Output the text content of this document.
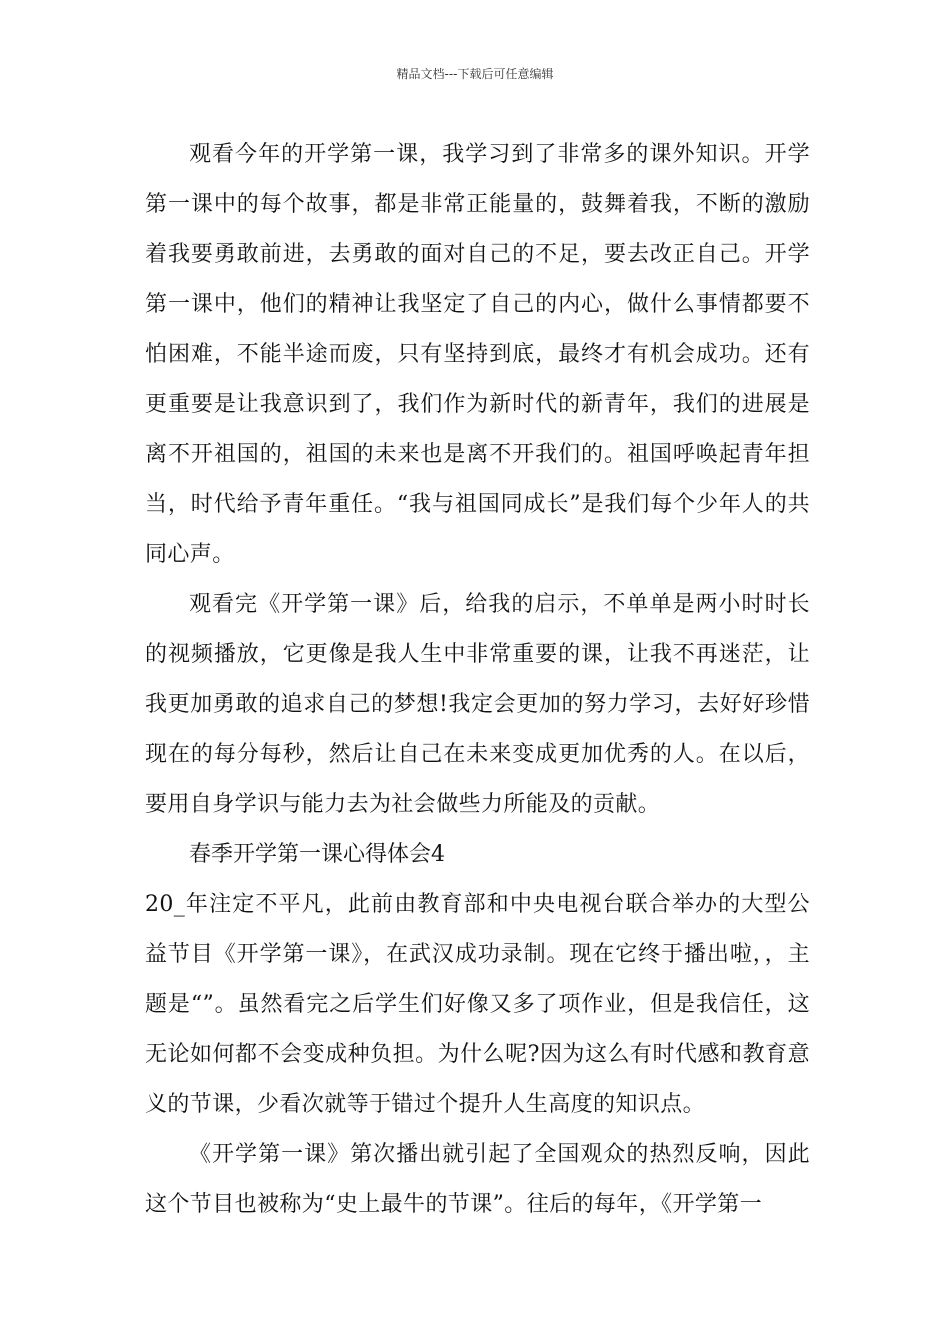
精品文档---下载后可任意编辑

观看今年的开学第一课，我学习到了非常多的课外知识。开学第一课中的每个故事，都是非常正能量的，鼓舞着我，不断的激励着我要勇敢前进，去勇敢的面对自己的不足，要去改正自己。开学第一课中，他们的精神让我坚定了自己的内心，做什么事情都要不怕困难，不能半途而废，只有坚持到底，最终才有机会成功。还有更重要是让我意识到了，我们作为新时代的新青年，我们的进展是离不开祖国的，祖国的未来也是离不开我们的。祖国呼唤起青年担当，时代给予青年重任。“我与祖国同成长”是我们每个少年人的共同心声。

观看完《开学第一课》后，给我的启示，不单单是两小时时长的视频播放，它更像是我人生中非常重要的课，让我不再迷茫，让我更加勇敢的追求自己的梦想!我定会更加的努力学习，去好好珍惜现在的每分每秒，然后让自己在未来变成更加优秀的人。在以后，要用自身学识与能力去为社会做些力所能及的贡献。

春季开学第一课心得体会4

20_年注定不平凡，此前由教育部和中央电视台联合举办的大型公益节目《开学第一课》，在武汉成功录制。现在它终于播出啦，，主题是“”。虽然看完之后学生们好像又多了项作业，但是我信任，这无论如何都不会变成种负担。为什么呢?因为这么有时代感和教育意义的节课，少看次就等于错过个提升人生高度的知识点。

《开学第一课》第次播出就引起了全国观众的热烈反响，因此这个节目也被称为“史上最牛的节课”。往后的每年，《开学第一
